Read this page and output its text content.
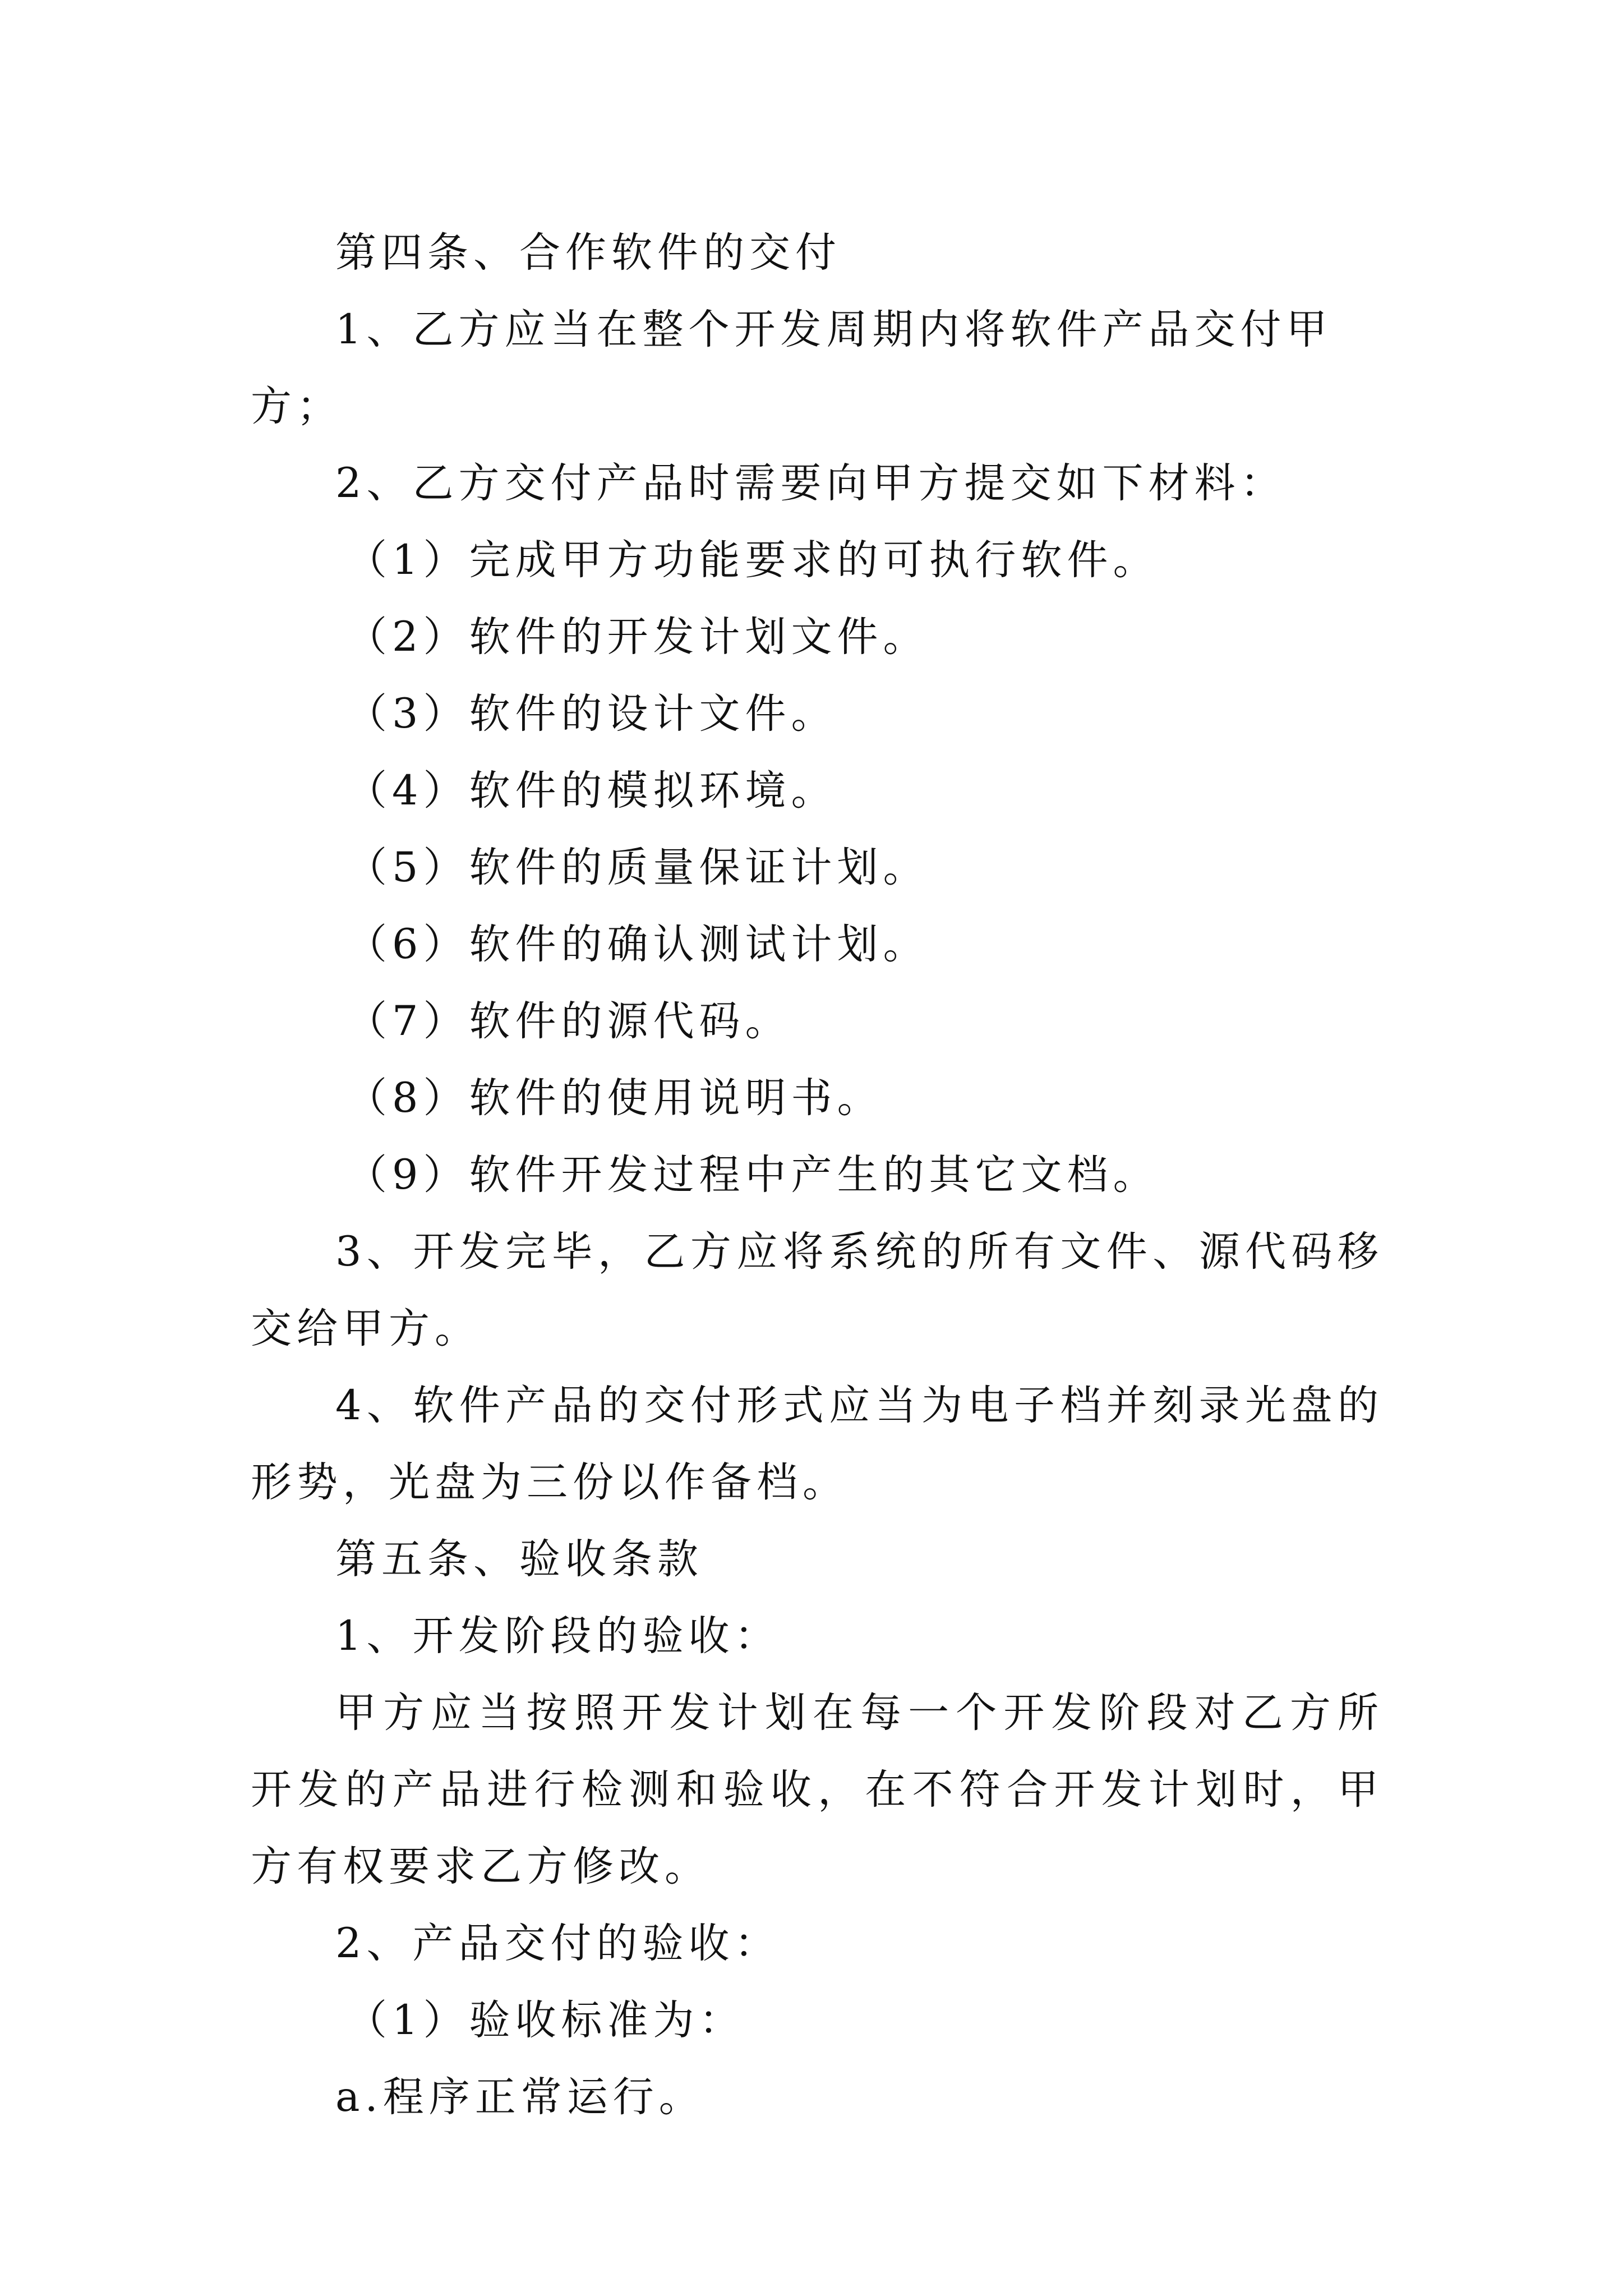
第四条、合作软件的交付

1、乙方应当在整个开发周期内将软件产品交付甲方；

2、乙方交付产品时需要向甲方提交如下材料：

（1）完成甲方功能要求的可执行软件。

（2）软件的开发计划文件。

（3）软件的设计文件。

（4）软件的模拟环境。

（5）软件的质量保证计划。

（6）软件的确认测试计划。

（7）软件的源代码。

（8）软件的使用说明书。

（9）软件开发过程中产生的其它文档。

3、开发完毕，乙方应将系统的所有文件、源代码移交给甲方。

4、软件产品的交付形式应当为电子档并刻录光盘的形势，光盘为三份以作备档。

第五条、验收条款

1、开发阶段的验收：

甲方应当按照开发计划在每一个开发阶段对乙方所开发的产品进行检测和验收，在不符合开发计划时，甲方有权要求乙方修改。

2、产品交付的验收：

（1）验收标准为：

a.程序正常运行。
